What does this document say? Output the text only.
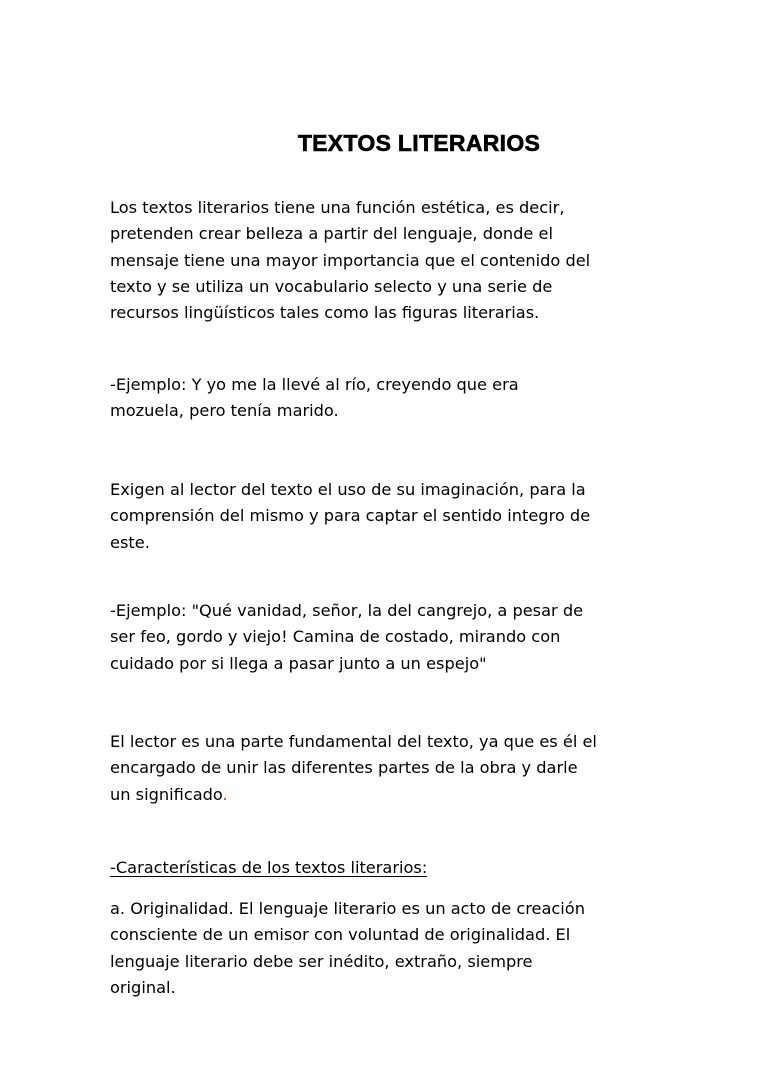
TEXTOS LITERARIOS
Los textos literarios tiene una función estética, es decir,
pretenden crear belleza a partir del lenguaje, donde el
mensaje tiene una mayor importancia que el contenido del
texto y se utiliza un vocabulario selecto y una serie de
recursos lingüísticos tales como las figuras literarias.
-Ejemplo: Y yo me la llevé al río, creyendo que era
mozuela, pero tenía marido.
Exigen al lector del texto el uso de su imaginación, para la
comprensión del mismo y para captar el sentido integro de
este.
-Ejemplo: "Qué vanidad, señor, la del cangrejo, a pesar de
ser feo, gordo y viejo! Camina de costado, mirando con
cuidado por si llega a pasar junto a un espejo"
El lector es una parte fundamental del texto, ya que es él el
encargado de unir las diferentes partes de la obra y darle
un significado.
-Características de los textos literarios:
a. Originalidad. El lenguaje literario es un acto de creación
consciente de un emisor con voluntad de originalidad. El
lenguaje literario debe ser inédito, extraño, siempre
original.
